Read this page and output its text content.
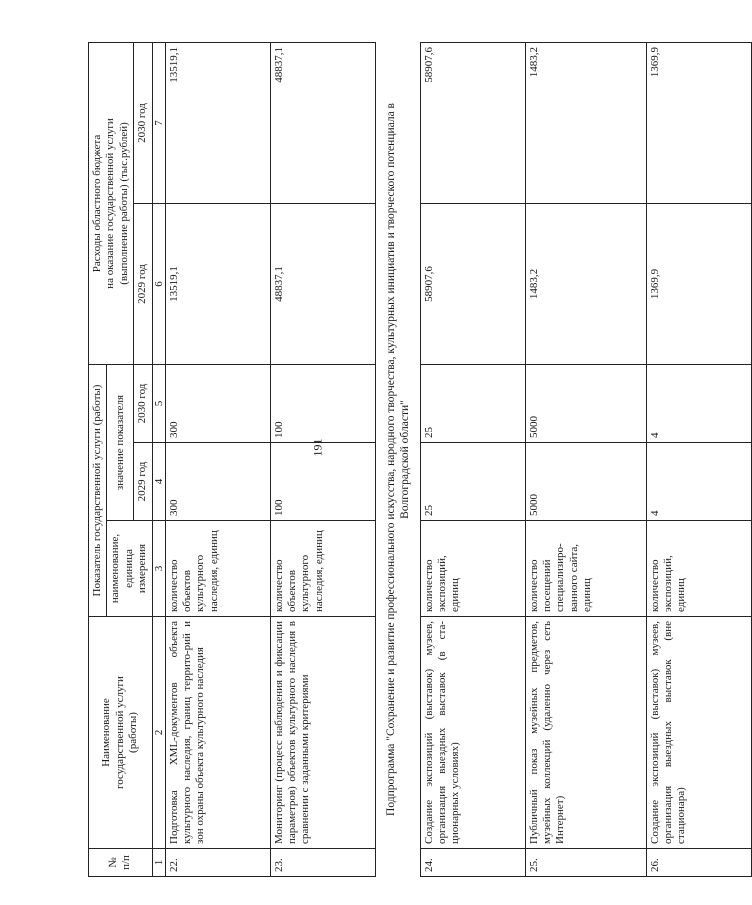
191
№
п/п	Наименование
государственной услуги
(работы)	Показатель государственной услуги (работы)			Расходы областного бюджета
на оказание государственной услуги
(выполнение работы) (тыс.рублей)	
		наименование,
единица
измерения	значение показателя			
			2029 год	2030 год	2029 год	2030 год
1	2	3	4	5	6	7
22.	Подготовка XML-документов объекта культурного наследия, границ террито-рий и зон охраны объекта культурного наследия	количество объектов культурного наследия, единиц	300	300	13519,1	13519,1
23.	Мониторинг (процесс наблюдения и фиксации параметров) объектов культурного наследия в сравнении с заданными критериями	количество объектов культурного наследия, единиц	100	100	48837,1	48837,1
Подпрограмма "Сохранение и развитие профессионального искусства, народного творчества, культурных инициатив и творческого потенциала в Волгоградской области"						
24.	Создание экспозиций (выставок) музеев, организация выездных выставок (в ста-ционарных условиях)	количество экспозиций, единиц	25	25	58907,6	58907,6
25.	Публичный показ музейных предметов, музейных коллекций (удаленно через сеть Интернет)	количество посещений специализиро-ванного сайта, единиц	5000	5000	1483,2	1483,2
26.	Создание экспозиций (выставок) музеев, организация выездных выставок (вне стационара)	количество экспозиций, единиц	4	4	1369,9	1369,9
